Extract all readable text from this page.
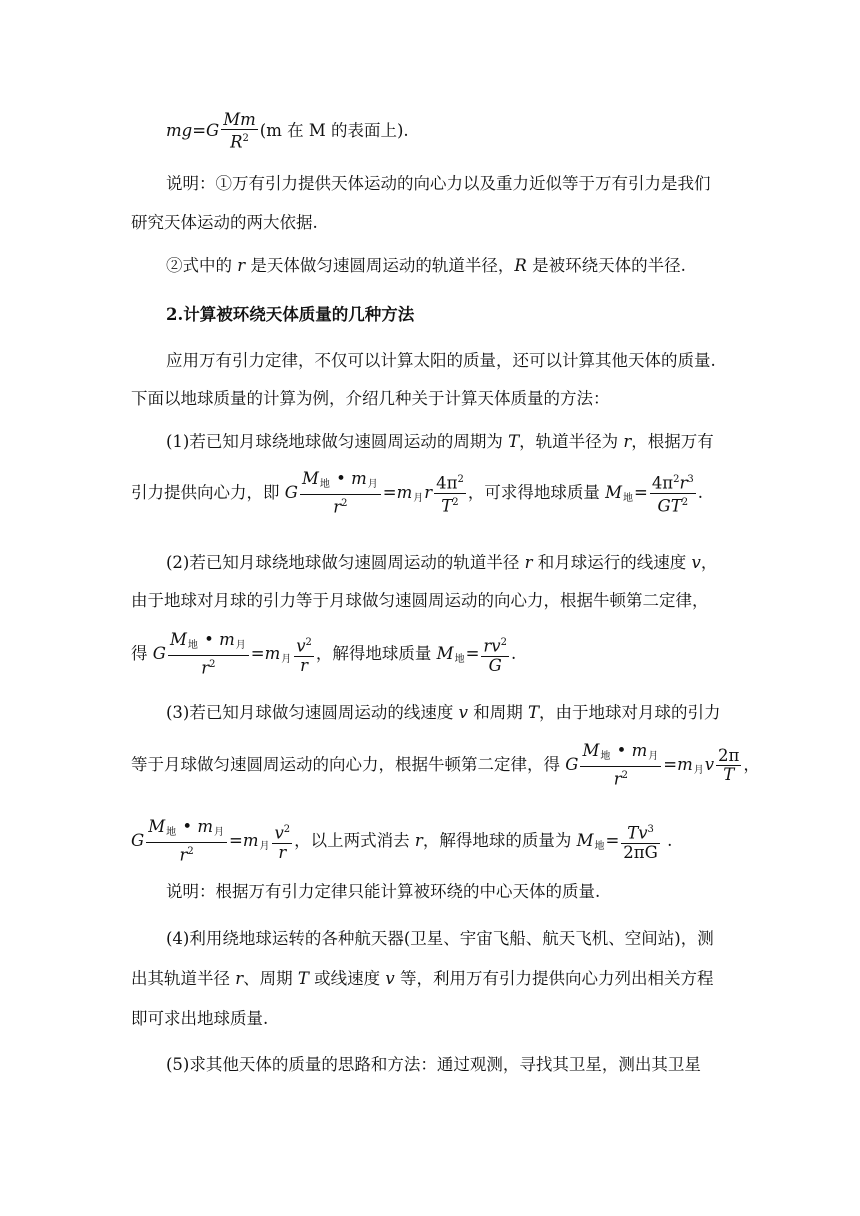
$mg=G \frac{Mm}{R^2} (m$ 在 M 的表面上).
说明：①万有引力提供天体运动的向心力以及重力近似等于万有引力是我们
研究天体运动的两大依据.
②式中的 r 是天体做匀速圆周运动的轨道半径，R 是被环绕天体的半径.
2.计算被环绕天体质量的几种方法
应用万有引力定律，不仅可以计算太阳的质量，还可以计算其他天体的质量.
下面以地球质量的计算为例，介绍几种关于计算天体质量的方法：
(1)若已知月球绕地球做匀速圆周运动的周期为 T，轨道半径为 r，根据万有
引力提供向心力，即 G $\frac{M_地 • m_月}{r^2} =m_月r \frac{4\pi^2}{T^2}$ ，可求得地球质量 $M_地= \frac{4\pi^2r^3}{GT^2}$ .
(2)若已知月球绕地球做匀速圆周运动的轨道半径 r 和月球运行的线速度 v，
由于地球对月球的引力等于月球做匀速圆周运动的向心力，根据牛顿第二定律，
得 G $\frac{M_地 • m_月}{r^2} =m_月 \frac{v^2}{r}$ ，解得地球质量 $M_地= \frac{rv^2}{G}$ .
(3)若已知月球做匀速圆周运动的线速度 v 和周期 T，由于地球对月球的引力
等于月球做匀速圆周运动的向心力，根据牛顿第二定律，得 G $\frac{M_地 • m_月}{r^2} =m_月v \frac{2\pi}{T}$ ，
G $\frac{M_地 • m_月}{r^2} =m_月 \frac{v^2}{r}$ ，以上两式消去 r，解得地球的质量为 $M_地= \frac{Tv^3}{2\pi G}$ .
说明：根据万有引力定律只能计算被环绕的中心天体的质量.
(4)利用绕地球运转的各种航天器(卫星、宇宙飞船、航天飞机、空间站)，测
出其轨道半径 r、周期 T 或线速度 v 等，利用万有引力提供向心力列出相关方程
即可求出地球质量.
(5)求其他天体的质量的思路和方法：通过观测，寻找其卫星，测出其卫星
